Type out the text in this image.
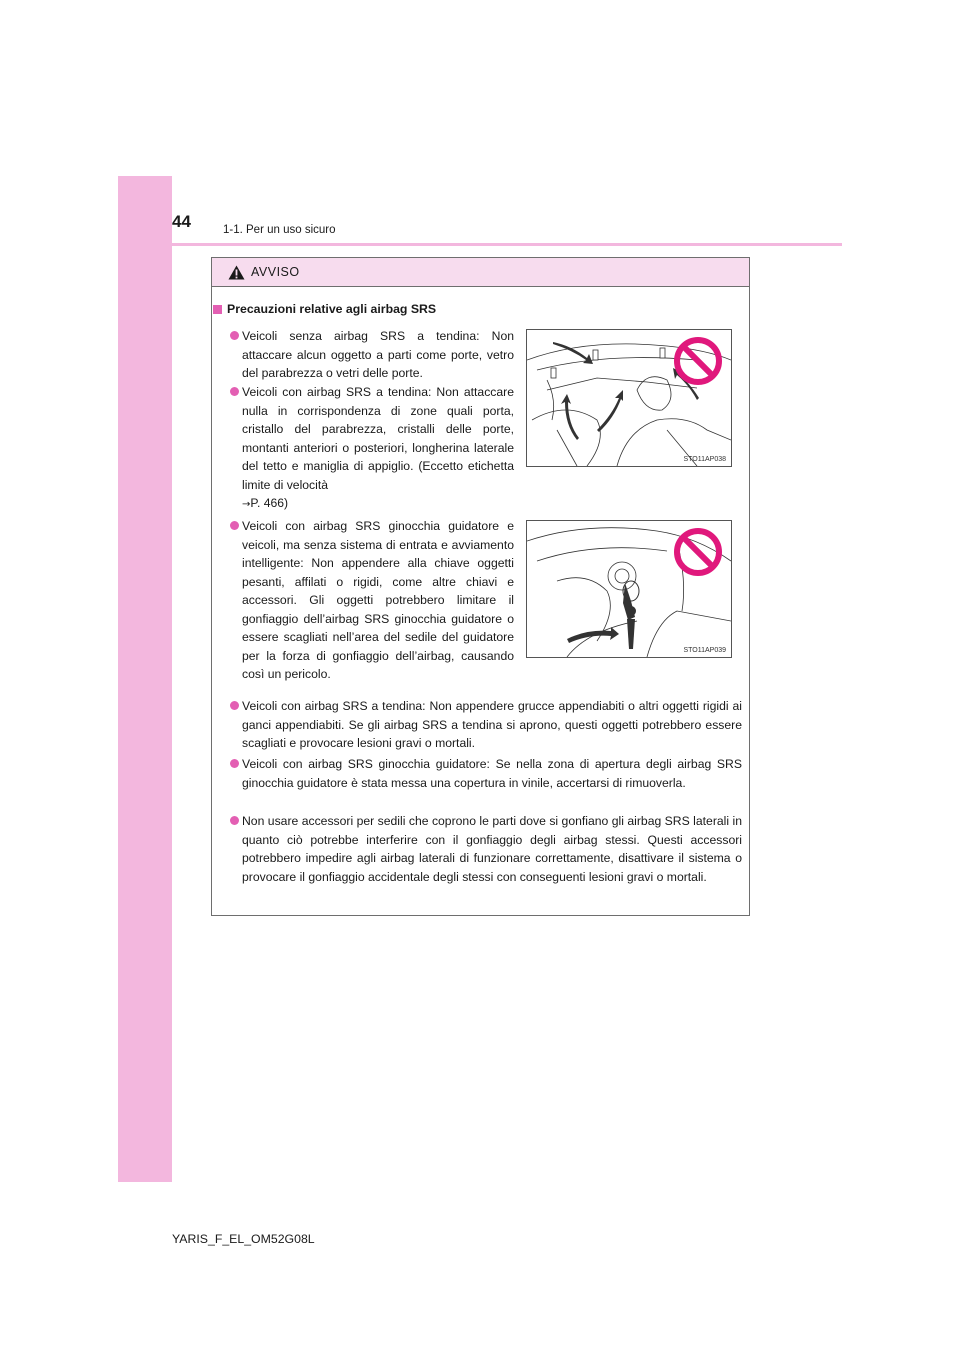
44	1-1. Per un uso sicuro
AVVISO
Precauzioni relative agli airbag SRS
Veicoli senza airbag SRS a tendina: Non attaccare alcun oggetto a parti come porte, vetro del parabrezza o vetri delle porte.
Veicoli con airbag SRS a tendina: Non attaccare nulla in corrispondenza di zone quali porta, cristallo del parabrezza, cristalli delle porte, montanti anteriori o posteriori, longherina laterale del tetto e maniglia di appiglio. (Eccetto etichetta limite di velocità
→P. 466)
Veicoli con airbag SRS ginocchia guidatore e veicoli, ma senza sistema di entrata e avviamento intelligente: Non appendere alla chiave oggetti pesanti, affilati o rigidi, come altre chiavi e accessori. Gli oggetti potrebbero limitare il gonfiaggio dell’airbag SRS ginocchia guidatore o essere scagliati nell’area del sedile del guidatore per la forza di gonfiaggio dell’airbag, causando così un pericolo.
Veicoli con airbag SRS a tendina: Non appendere grucce appendiabiti o altri oggetti rigidi ai ganci appendiabiti. Se gli airbag SRS a tendina si aprono, questi oggetti potrebbero essere scagliati e provocare lesioni gravi o mortali.
Veicoli con airbag SRS ginocchia guidatore: Se nella zona di apertura degli airbag SRS ginocchia guidatore è stata messa una copertura in vinile, accertarsi di rimuoverla.
Non usare accessori per sedili che coprono le parti dove si gonfiano gli airbag SRS laterali in quanto ciò potrebbe interferire con il gonfiaggio degli airbag stessi. Questi accessori potrebbero impedire agli airbag laterali di funzionare correttamente, disattivare il sistema o provocare il gonfiaggio accidentale degli stessi con conseguenti lesioni gravi o mortali.
STO11AP038
STO11AP039
YARIS_F_EL_OM52G08L
